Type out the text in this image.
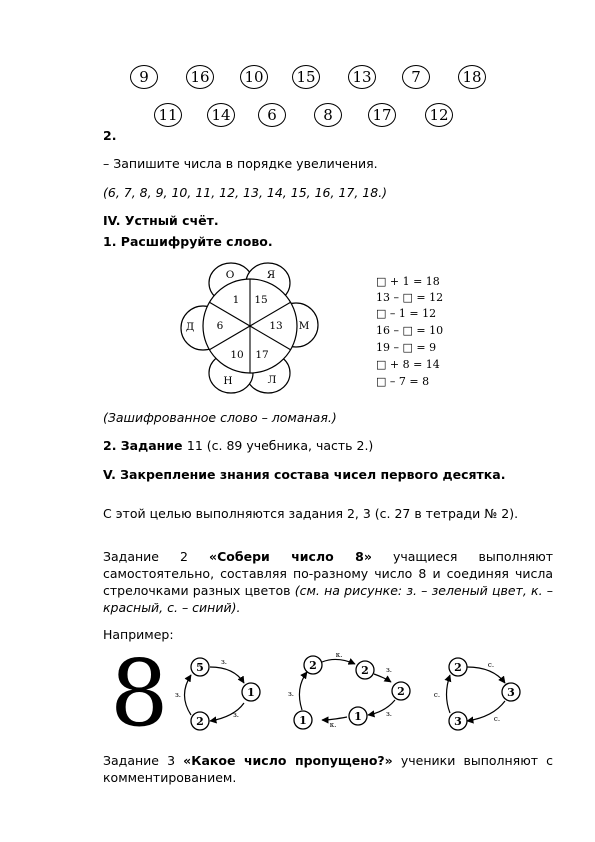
9	16 10 15 13	7	18
11 14	6	8	17	12
2.
– Запишите числа в порядке увеличения.
(6, 7, 8, 9, 10, 11, 12, 13, 14, 15, 16, 17, 18.)
IV. Устный счёт.
1. Расшифруйте слово.
О	Я
М
Л
Н
Д
1 15
13
17
10
6
□ + 1 = 18
13 – □ = 12
□ – 1 = 12
16 – □ = 10
19 – □ = 9
□ + 8 = 14
□ – 7 = 8
(Зашифрованное слово – ломаная.)
2. Задание 11 (с. 89 учебника, часть 2.)
V. Закрепление знания состава чисел первого десятка.
С этой целью выполняются задания 2, 3 (с. 27 в тетради № 2).
Задание 2 «Собери число 8» учащиеся выполняют самостоятельно, составляя по-разному число 8 и соединяя числа стрелочками разных цветов (см. на рисунке: з. – зеленый цвет, к. – красный, с. – синий).
Например:
8	5
1
2
з.
з.
з.
2	2
2
1
1
к.
з.
з.
к.
з.
2
3
3
с.
с.
с.
Задание 3 «Какое число пропущено?» ученики выполняют с комментированием.
